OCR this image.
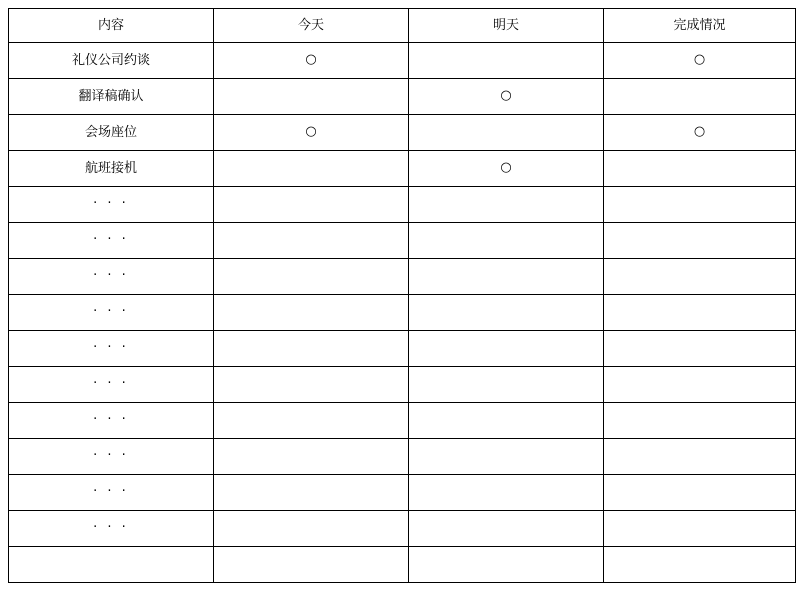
内容	今天	明天	完成情况
礼仪公司约谈	○		○
翻译稿确认		○	
会场座位	○		○
航班接机		○	
· · ·			
· · ·			
· · ·			
· · ·			
· · ·			
· · ·			
· · ·			
· · ·			
· · ·			
· · ·			
